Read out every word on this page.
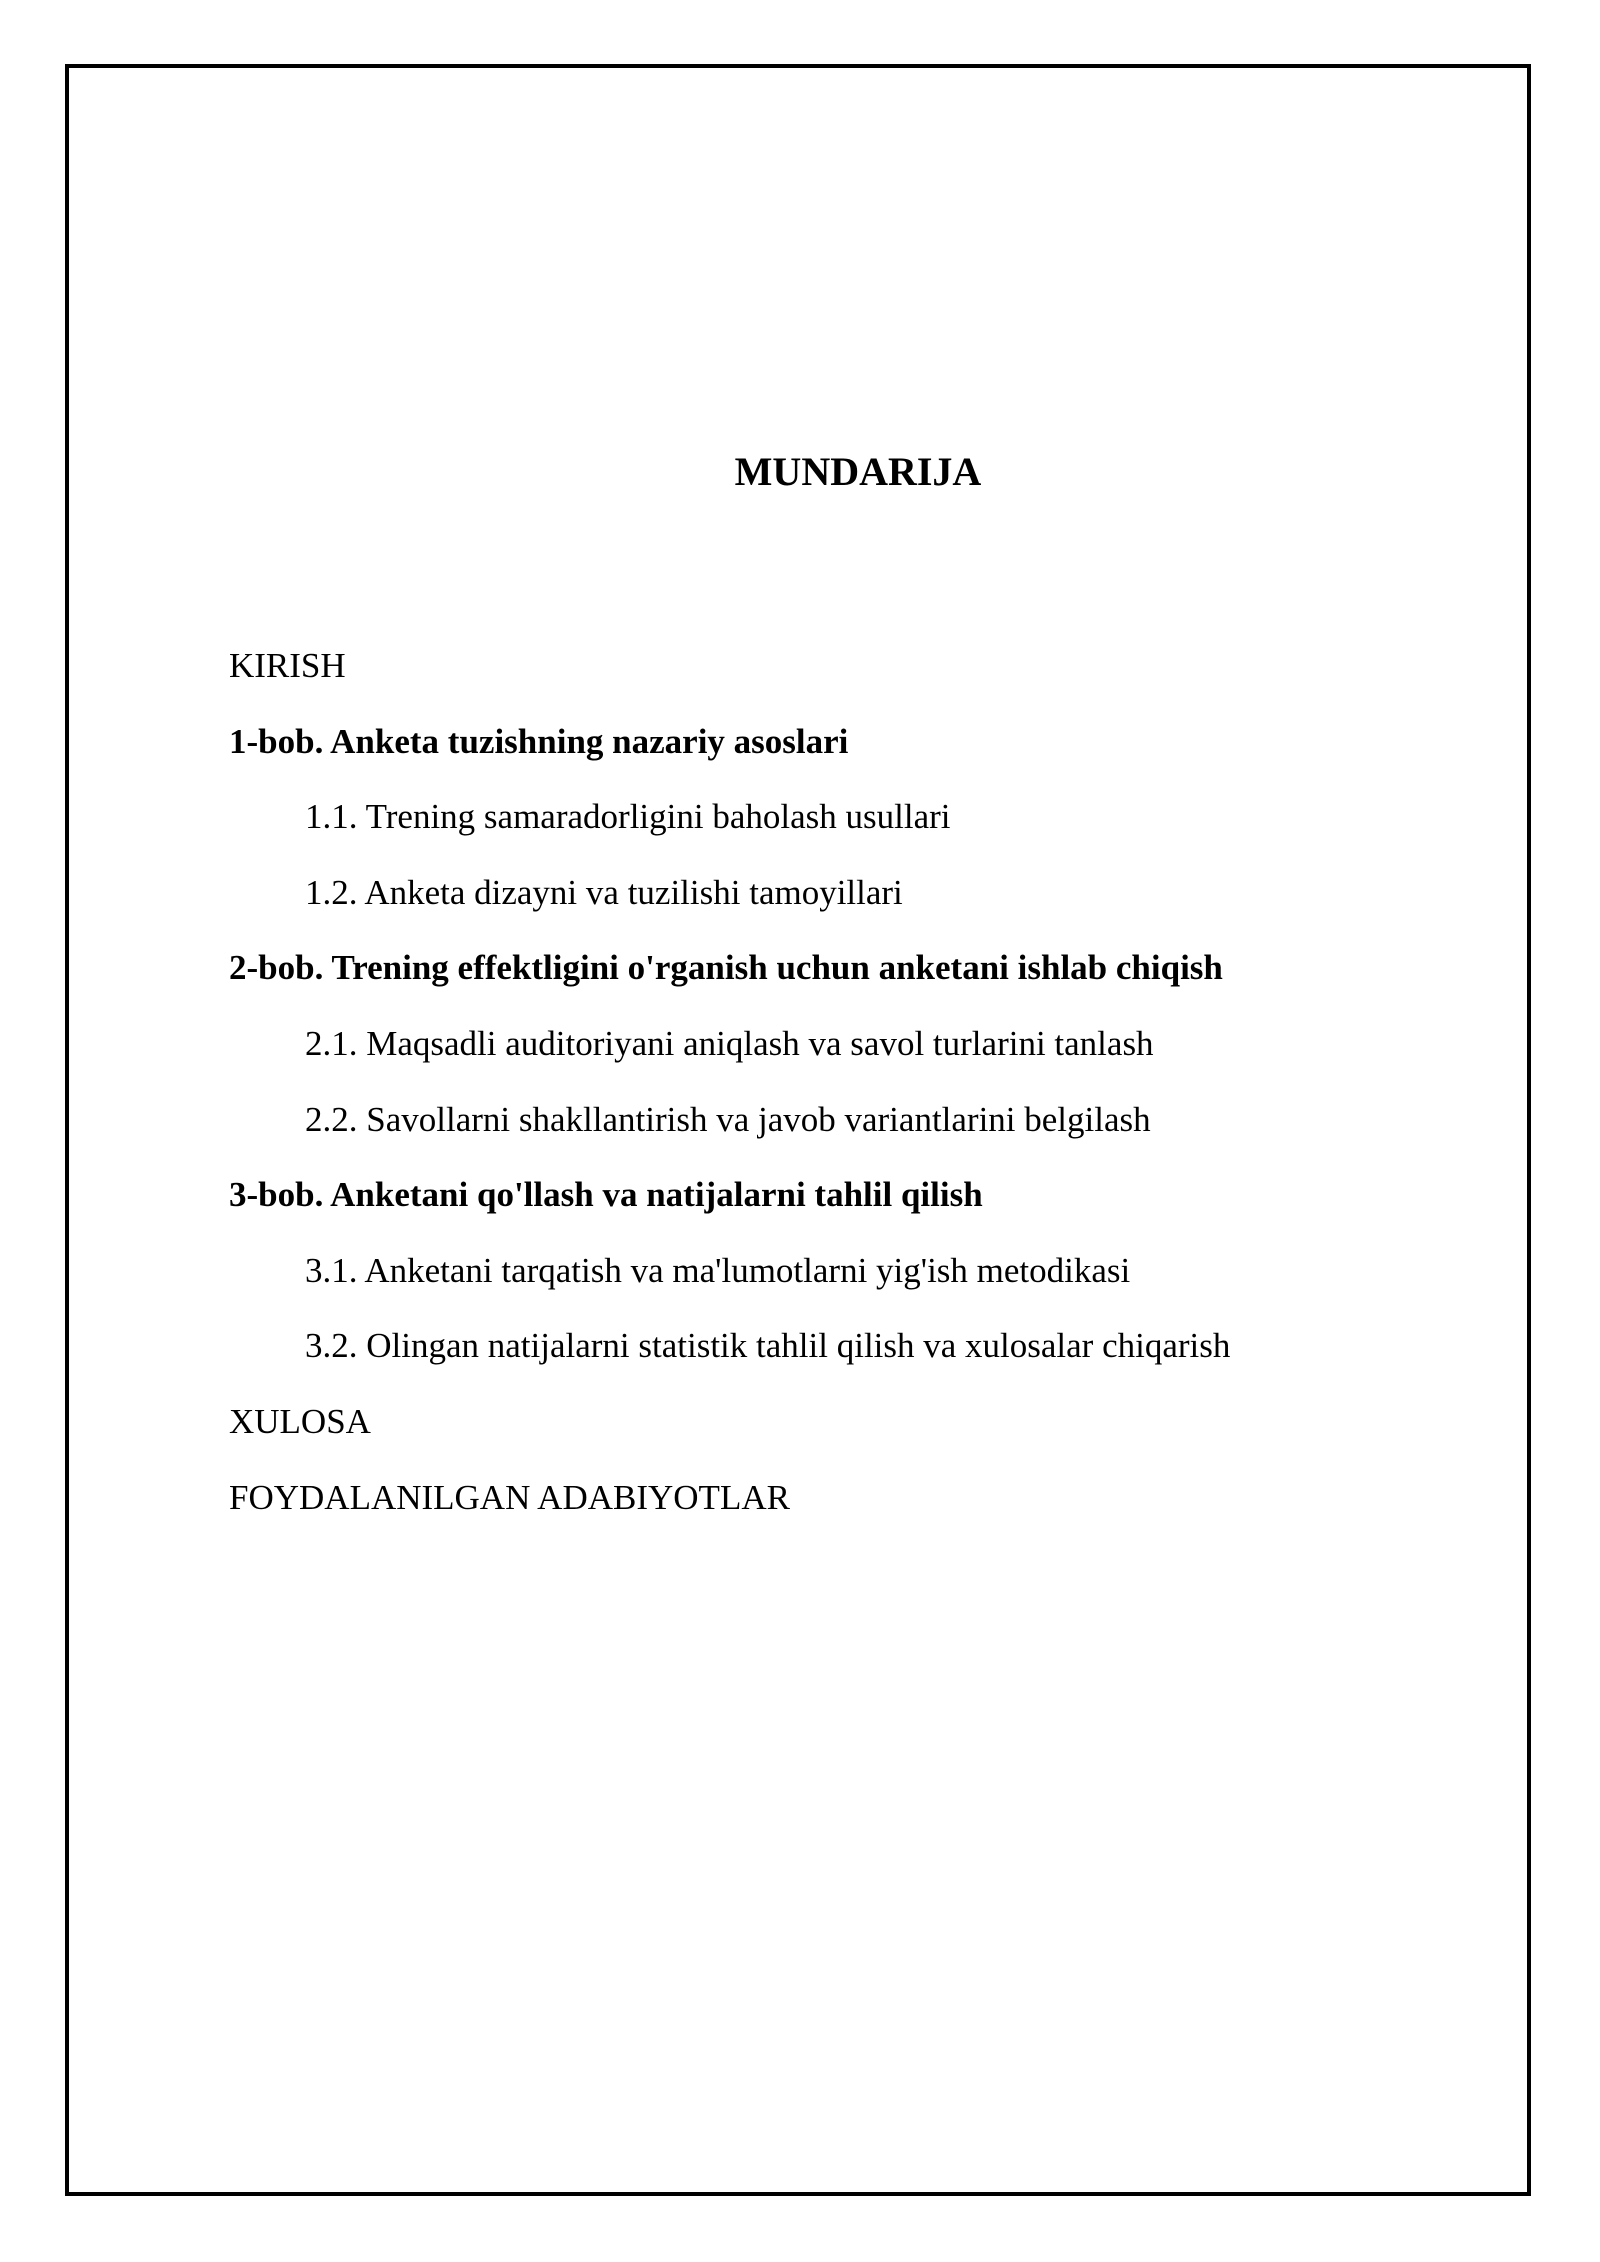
MUNDARIJA
KIRISH
1-bob. Anketa tuzishning nazariy asoslari
1.1. Trening samaradorligini baholash usullari
1.2. Anketa dizayni va tuzilishi tamoyillari
2-bob. Trening effektligini o'rganish uchun anketani ishlab chiqish
2.1. Maqsadli auditoriyani aniqlash va savol turlarini tanlash
2.2. Savollarni shakllantirish va javob variantlarini belgilash
3-bob. Anketani qo'llash va natijalarni tahlil qilish
3.1. Anketani tarqatish va ma'lumotlarni yig'ish metodikasi
3.2. Olingan natijalarni statistik tahlil qilish va xulosalar chiqarish
XULOSA
FOYDALANILGAN ADABIYOTLAR
